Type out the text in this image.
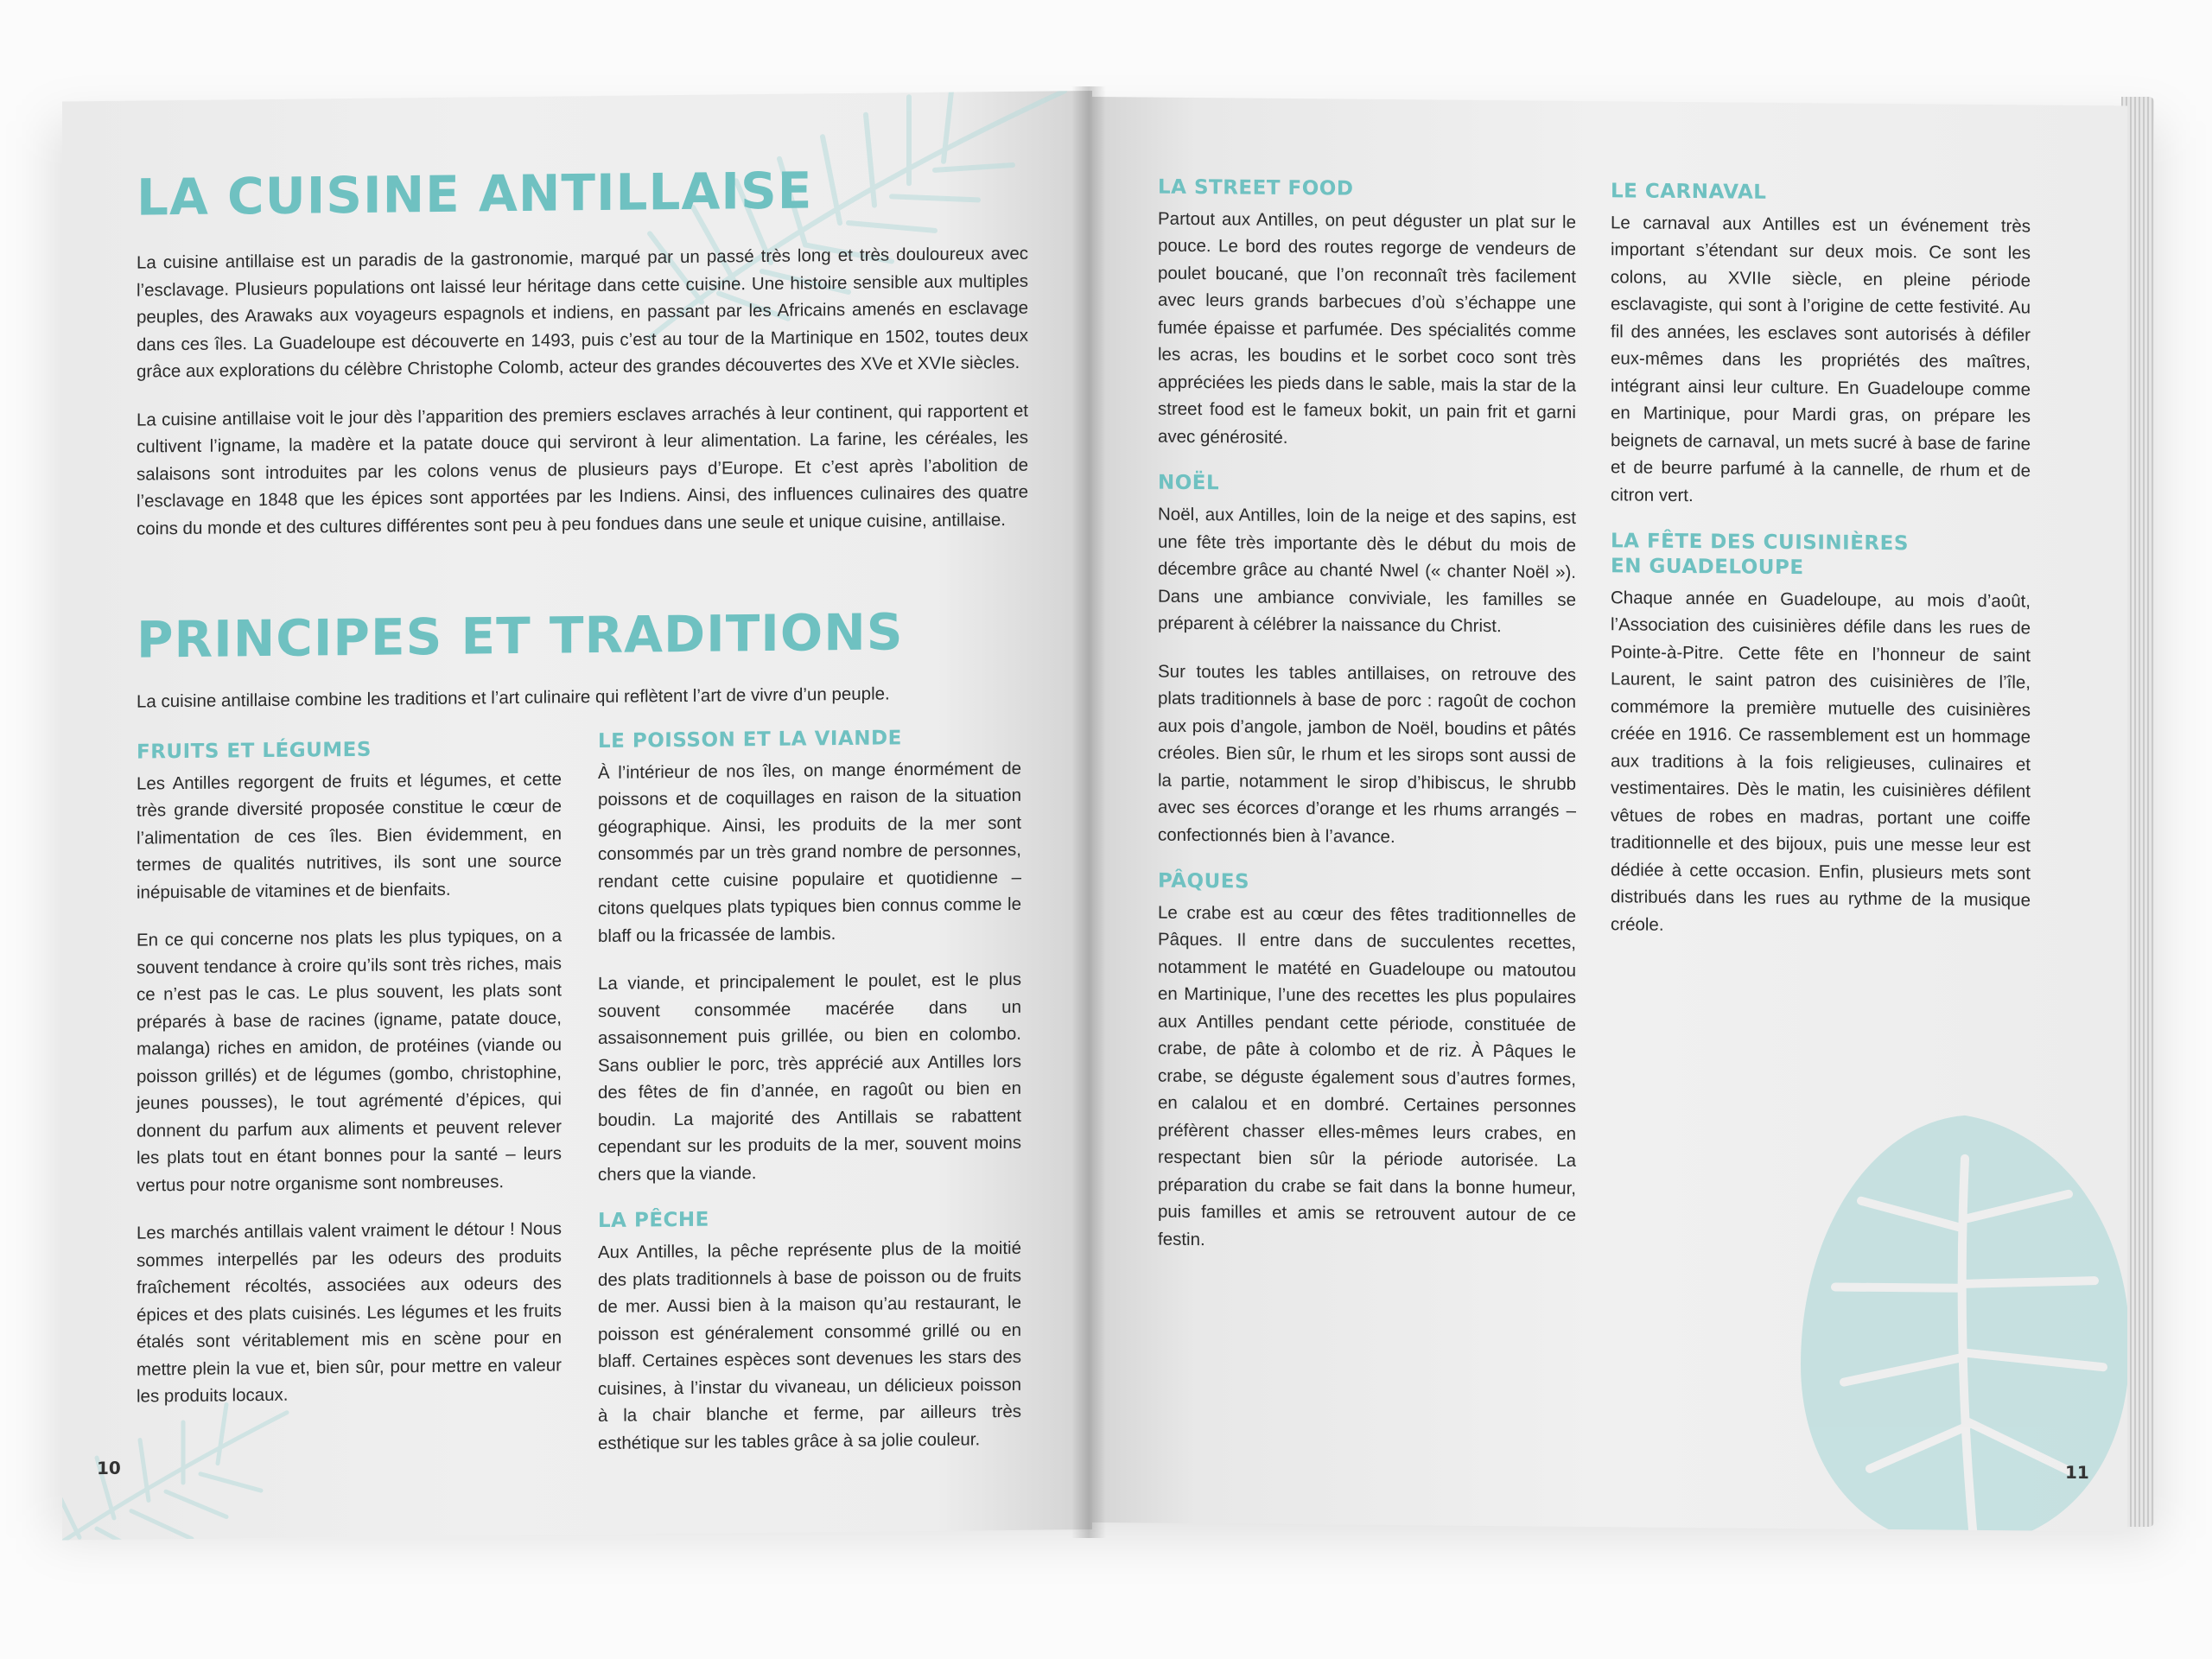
LA CUISINE ANTILLAISE

La cuisine antillaise est un paradis de la gastronomie, marqué par un passé très long et très douloureux avec l’esclavage. Plusieurs populations ont laissé leur héritage dans cette cuisine. Une histoire sensible aux multiples peuples, des Arawaks aux voyageurs espagnols et indiens, en passant par les Africains amenés en esclavage dans ces îles. La Guadeloupe est découverte en 1493, puis c’est au tour de la Martinique en 1502, toutes deux grâce aux explorations du célèbre Christophe Colomb, acteur des grandes découvertes des XVe et XVIe siècles.

La cuisine antillaise voit le jour dès l’apparition des premiers esclaves arrachés à leur continent, qui rapportent et cultivent l’igname, la madère et la patate douce qui serviront à leur alimentation. La farine, les céréales, les salaisons sont introduites par les colons venus de plusieurs pays d’Europe. Et c’est après l’abolition de l’esclavage en 1848 que les épices sont apportées par les Indiens. Ainsi, des influences culinaires des quatre coins du monde et des cultures différentes sont peu à peu fondues dans une seule et unique cuisine, antillaise.

PRINCIPES ET TRADITIONS

La cuisine antillaise combine les traditions et l’art culinaire qui reflètent l’art de vivre d’un peuple.

FRUITS ET LÉGUMES

Les Antilles regorgent de fruits et légumes, et cette très grande diversité proposée constitue le cœur de l’alimentation de ces îles. Bien évidemment, en termes de qualités nutritives, ils sont une source inépuisable de vitamines et de bienfaits.

En ce qui concerne nos plats les plus typiques, on a souvent tendance à croire qu’ils sont très riches, mais ce n’est pas le cas. Le plus souvent, les plats sont préparés à base de racines (igname, patate douce, malanga) riches en amidon, de protéines (viande ou poisson grillés) et de légumes (gombo, christophine, jeunes pousses), le tout agrémenté d’épices, qui donnent du parfum aux aliments et peuvent relever les plats tout en étant bonnes pour la santé – leurs vertus pour notre organisme sont nombreuses.

Les marchés antillais valent vraiment le détour ! Nous sommes interpellés par les odeurs des produits fraîchement récoltés, associées aux odeurs des épices et des plats cuisinés. Les légumes et les fruits étalés sont véritablement mis en scène pour en mettre plein la vue et, bien sûr, pour mettre en valeur les produits locaux.

LE POISSON ET LA VIANDE

À l’intérieur de nos îles, on mange énormément de poissons et de coquillages en raison de la situation géographique. Ainsi, les produits de la mer sont consommés par un très grand nombre de personnes, rendant cette cuisine populaire et quotidienne – citons quelques plats typiques bien connus comme le blaff ou la fricassée de lambis.

La viande, et principalement le poulet, est le plus souvent consommée macérée dans un assaisonnement puis grillée, ou bien en colombo. Sans oublier le porc, très apprécié aux Antilles lors des fêtes de fin d’année, en ragoût ou bien en boudin. La majorité des Antillais se rabattent cependant sur les produits de la mer, souvent moins chers que la viande.

LA PÊCHE

Aux Antilles, la pêche représente plus de la moitié des plats traditionnels à base de poisson ou de fruits de mer. Aussi bien à la maison qu’au restaurant, le poisson est généralement consommé grillé ou en blaff. Certaines espèces sont devenues les stars des cuisines, à l’instar du vivaneau, un délicieux poisson à la chair blanche et ferme, par ailleurs très esthétique sur les tables grâce à sa jolie couleur.

10
LA STREET FOOD

Partout aux Antilles, on peut déguster un plat sur le pouce. Le bord des routes regorge de vendeurs de poulet boucané, que l’on reconnaît très facilement avec leurs grands barbecues d’où s’échappe une fumée épaisse et parfumée. Des spécialités comme les acras, les boudins et le sorbet coco sont très appréciées les pieds dans le sable, mais la star de la street food est le fameux bokit, un pain frit et garni avec générosité.

NOËL

Noël, aux Antilles, loin de la neige et des sapins, est une fête très importante dès le début du mois de décembre grâce au chanté Nwel (« chanter Noël »). Dans une ambiance conviviale, les familles se préparent à célébrer la naissance du Christ.

Sur toutes les tables antillaises, on retrouve des plats traditionnels à base de porc : ragoût de cochon aux pois d’angole, jambon de Noël, boudins et pâtés créoles. Bien sûr, le rhum et les sirops sont aussi de la partie, notamment le sirop d’hibiscus, le shrubb avec ses écorces d’orange et les rhums arrangés – confectionnés bien à l’avance.

PÂQUES

Le crabe est au cœur des fêtes traditionnelles de Pâques. Il entre dans de succulentes recettes, notamment le matété en Guadeloupe ou matoutou en Martinique, l’une des recettes les plus populaires aux Antilles pendant cette période, constituée de crabe, de pâte à colombo et de riz. À Pâques le crabe, se déguste également sous d’autres formes, en calalou et en dombré. Certaines personnes préfèrent chasser elles-mêmes leurs crabes, en respectant bien sûr la période autorisée. La préparation du crabe se fait dans la bonne humeur, puis familles et amis se retrouvent autour de ce festin.

LE CARNAVAL

Le carnaval aux Antilles est un événement très important s’étendant sur deux mois. Ce sont les colons, au XVIIe siècle, en pleine période esclavagiste, qui sont à l’origine de cette festivité. Au fil des années, les esclaves sont autorisés à défiler eux-mêmes dans les propriétés des maîtres, intégrant ainsi leur culture. En Guadeloupe comme en Martinique, pour Mardi gras, on prépare les beignets de carnaval, un mets sucré à base de farine et de beurre parfumé à la cannelle, de rhum et de citron vert.

LA FÊTE DES CUISINIÈRES
EN GUADELOUPE

Chaque année en Guadeloupe, au mois d’août, l’Association des cuisinières défile dans les rues de Pointe-à-Pitre. Cette fête en l’honneur de saint Laurent, le saint patron des cuisinières de l’île, commémore la première mutuelle des cuisinières créée en 1916. Ce rassemblement est un hommage aux traditions à la fois religieuses, culinaires et vestimentaires. Dès le matin, les cuisinières défilent vêtues de robes en madras, portant une coiffe traditionnelle et des bijoux, puis une messe leur est dédiée à cette occasion. Enfin, plusieurs mets sont distribués dans les rues au rythme de la musique créole.

11
